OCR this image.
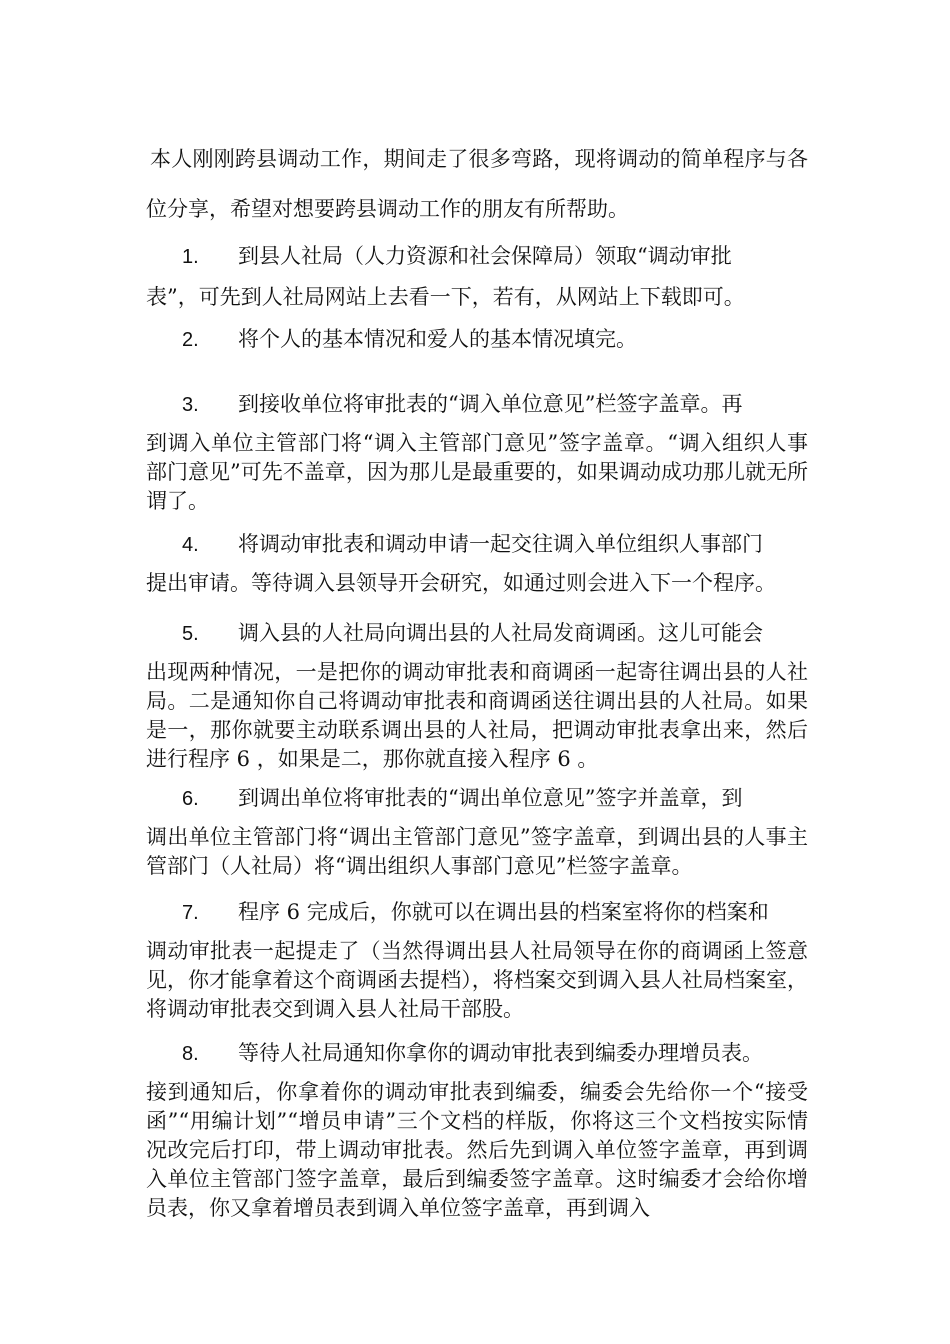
本人刚刚跨县调动工作，期间走了很多弯路，现将调动的简单程序与各位分享，希望对想要跨县调动工作的朋友有所帮助。

1. 到县人社局（人力资源和社会保障局）领取“调动审批
表”，可先到人社局网站上去看一下，若有，从网站上下载即可。

2. 将个人的基本情况和爱人的基本情况填完。

3. 到接收单位将审批表的“调入单位意见”栏签字盖章。再
到调入单位主管部门将“调入主管部门意见”签字盖章。“调入组织人事部门意见”可先不盖章，因为那儿是最重要的，如果调动成功那儿就无所谓了。

4. 将调动审批表和调动申请一起交往调入单位组织人事部门
提出审请。等待调入县领导开会研究，如通过则会进入下一个程序。

5. 调入县的人社局向调出县的人社局发商调函。这儿可能会
出现两种情况，一是把你的调动审批表和商调函一起寄往调出县的人社局。二是通知你自己将调动审批表和商调函送往调出县的人社局。如果是一，那你就要主动联系调出县的人社局，把调动审批表拿出来，然后进行程序 6 ，如果是二，那你就直接入程序 6 。

6. 到调出单位将审批表的“调出单位意见”签字并盖章，到
调出单位主管部门将“调出主管部门意见”签字盖章，到调出县的人事主管部门（人社局）将“调出组织人事部门意见”栏签字盖章。

7. 程序 6 完成后，你就可以在调出县的档案室将你的档案和
调动审批表一起提走了（当然得调出县人社局领导在你的商调函上签意见，你才能拿着这个商调函去提档），将档案交到调入县人社局档案室，将调动审批表交到调入县人社局干部股。

8. 等待人社局通知你拿你的调动审批表到编委办理增员表。
接到通知后，你拿着你的调动审批表到编委，编委会先给你一个“接受函”“用编计划”“增员申请”三个文档的样版，你将这三个文档按实际情况改完后打印，带上调动审批表。然后先到调入单位签字盖章，再到调入单位主管部门签字盖章，最后到编委签字盖章。这时编委才会给你增员表，你又拿着增员表到调入单位签字盖章，再到调入
